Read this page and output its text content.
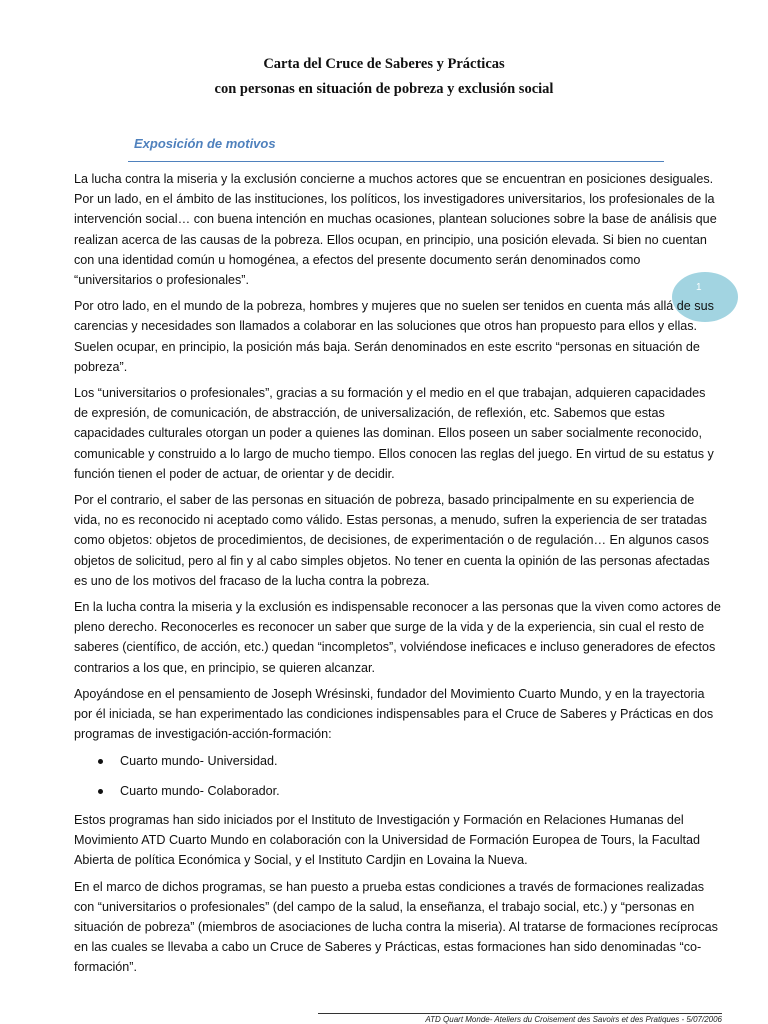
Carta del Cruce de Saberes y Prácticas
con personas en situación de pobreza y exclusión social
Exposición de motivos
1

La lucha contra la miseria y la exclusión concierne a muchos actores que se encuentran en posiciones desiguales. Por un lado, en el ámbito de las instituciones, los políticos, los investigadores universitarios, los profesionales de la intervención social… con buena intención en muchas ocasiones, plantean soluciones sobre la base de análisis que realizan acerca de las causas de la pobreza. Ellos ocupan, en principio, una posición elevada. Si bien no cuentan con una identidad común u homogénea, a efectos del presente documento serán denominados como “universitarios o profesionales”.

Por otro lado, en el mundo de la pobreza, hombres y mujeres que no suelen ser tenidos en cuenta más allá de sus carencias y necesidades son llamados a colaborar en las soluciones que otros han propuesto para ellos y ellas. Suelen ocupar, en principio, la posición más baja. Serán denominados en este escrito “personas en situación de pobreza”.

Los “universitarios o profesionales”, gracias a su formación y el medio en el que trabajan, adquieren capacidades de expresión, de comunicación, de abstracción, de universalización, de reflexión, etc. Sabemos que estas capacidades culturales otorgan un poder a quienes las dominan. Ellos poseen un saber socialmente reconocido, comunicable y construido a lo largo de mucho tiempo. Ellos conocen las reglas del juego. En virtud de su estatus y función tienen el poder de actuar, de orientar y de decidir.

Por el contrario, el saber de las personas en situación de pobreza, basado principalmente en su experiencia de vida, no es reconocido ni aceptado como válido. Estas personas, a menudo, sufren la experiencia de ser tratadas como objetos: objetos de procedimientos, de decisiones, de experimentación o de regulación… En algunos casos objetos de solicitud, pero al fin y al cabo simples objetos. No tener en cuenta la opinión de las personas afectadas es uno de los motivos del fracaso de la lucha contra la pobreza.

En la lucha contra la miseria y la exclusión es indispensable reconocer a las personas que la viven como actores de pleno derecho. Reconocerles es reconocer un saber que surge de la vida y de la experiencia, sin cual el resto de saberes (científico, de acción, etc.) quedan “incompletos”, volviéndose ineficaces e incluso generadores de efectos contrarios a los que, en principio, se quieren alcanzar.

Apoyándose en el pensamiento de Joseph Wrésinski, fundador del Movimiento Cuarto Mundo, y en la trayectoria por él iniciada, se han experimentado las condiciones indispensables para el Cruce de Saberes y Prácticas en dos programas de investigación-acción-formación:

Cuarto mundo- Universidad.
Cuarto mundo- Colaborador.

Estos programas han sido iniciados por el Instituto de Investigación y Formación en Relaciones Humanas del Movimiento ATD Cuarto Mundo en colaboración con la Universidad de Formación Europea de Tours, la Facultad Abierta de política Económica y Social, y el Instituto Cardjin en Lovaina la Nueva.

En el marco de dichos programas, se han puesto a prueba estas condiciones a través de formaciones realizadas con “universitarios o profesionales” (del campo de la salud, la enseñanza, el trabajo social, etc.) y “personas en situación de pobreza” (miembros de asociaciones de lucha contra la miseria). Al tratarse de formaciones recíprocas en las cuales se llevaba a cabo un Cruce de Saberes y Prácticas, estas formaciones han sido denominadas “co-formación”.

ATD Quart Monde- Ateliers du Croisement des Savoirs et des Pratiques - 5/07/2006
